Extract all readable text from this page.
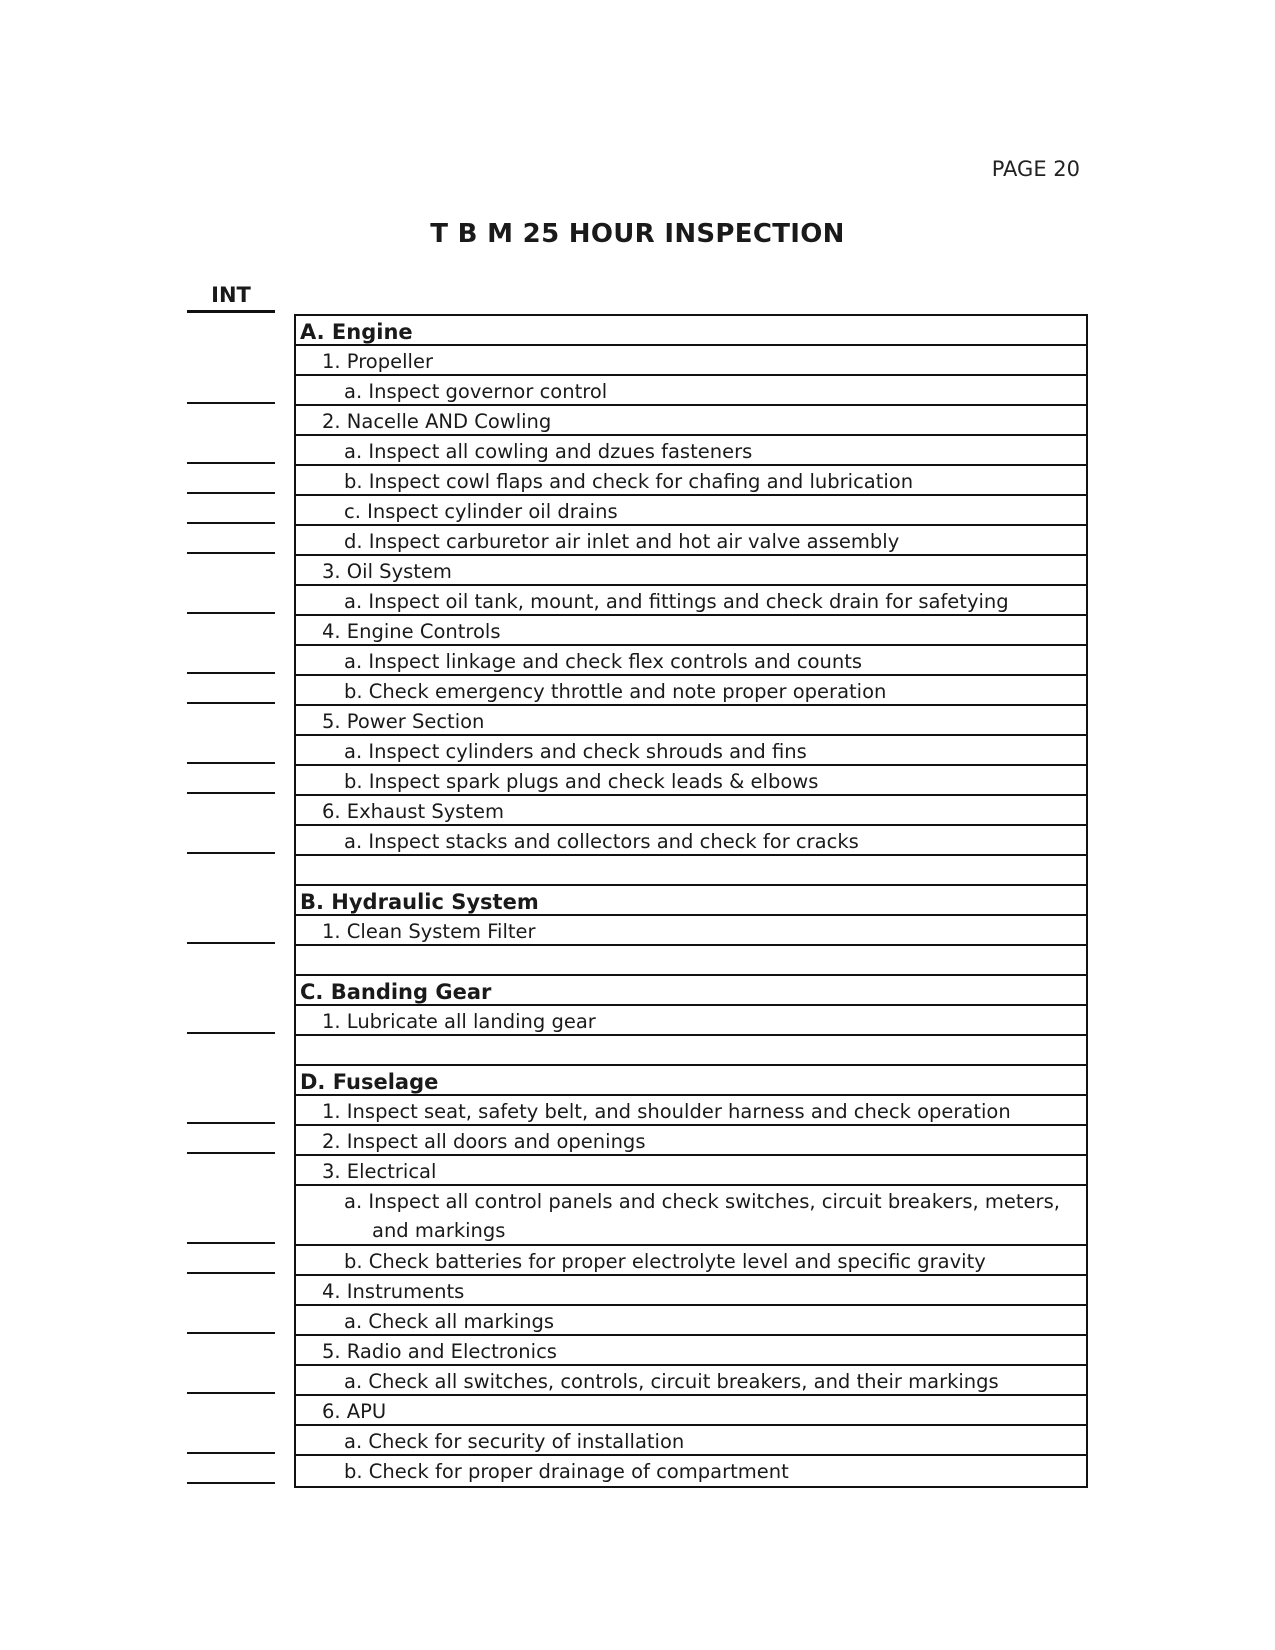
PAGE 20
T B M 25 HOUR INSPECTION
INT
A. Engine
1. Propeller
a. Inspect governor control
2. Nacelle AND Cowling
a. Inspect all cowling and dzues fasteners
b. Inspect cowl flaps and check for chafing and lubrication
c. Inspect cylinder oil drains
d. Inspect carburetor air inlet and hot air valve assembly
3. Oil System
a. Inspect oil tank, mount, and fittings and check drain for safetying
4. Engine Controls
a. Inspect linkage and check flex controls and counts
b. Check emergency throttle and note proper operation
5. Power Section
a. Inspect cylinders and check shrouds and fins
b. Inspect spark plugs and check leads & elbows
6. Exhaust System
a. Inspect stacks and collectors and check for cracks
B. Hydraulic System
1. Clean System Filter
C. Banding Gear
1. Lubricate all landing gear
D. Fuselage
1. Inspect seat, safety belt, and shoulder harness and check operation
2. Inspect all doors and openings
3. Electrical
a. Inspect all control panels and check switches, circuit breakers, meters, and markings
b. Check batteries for proper electrolyte level and specific gravity
4. Instruments
a. Check all markings
5. Radio and Electronics
a. Check all switches, controls, circuit breakers, and their markings
6. APU
a. Check for security of installation
b. Check for proper drainage of compartment
